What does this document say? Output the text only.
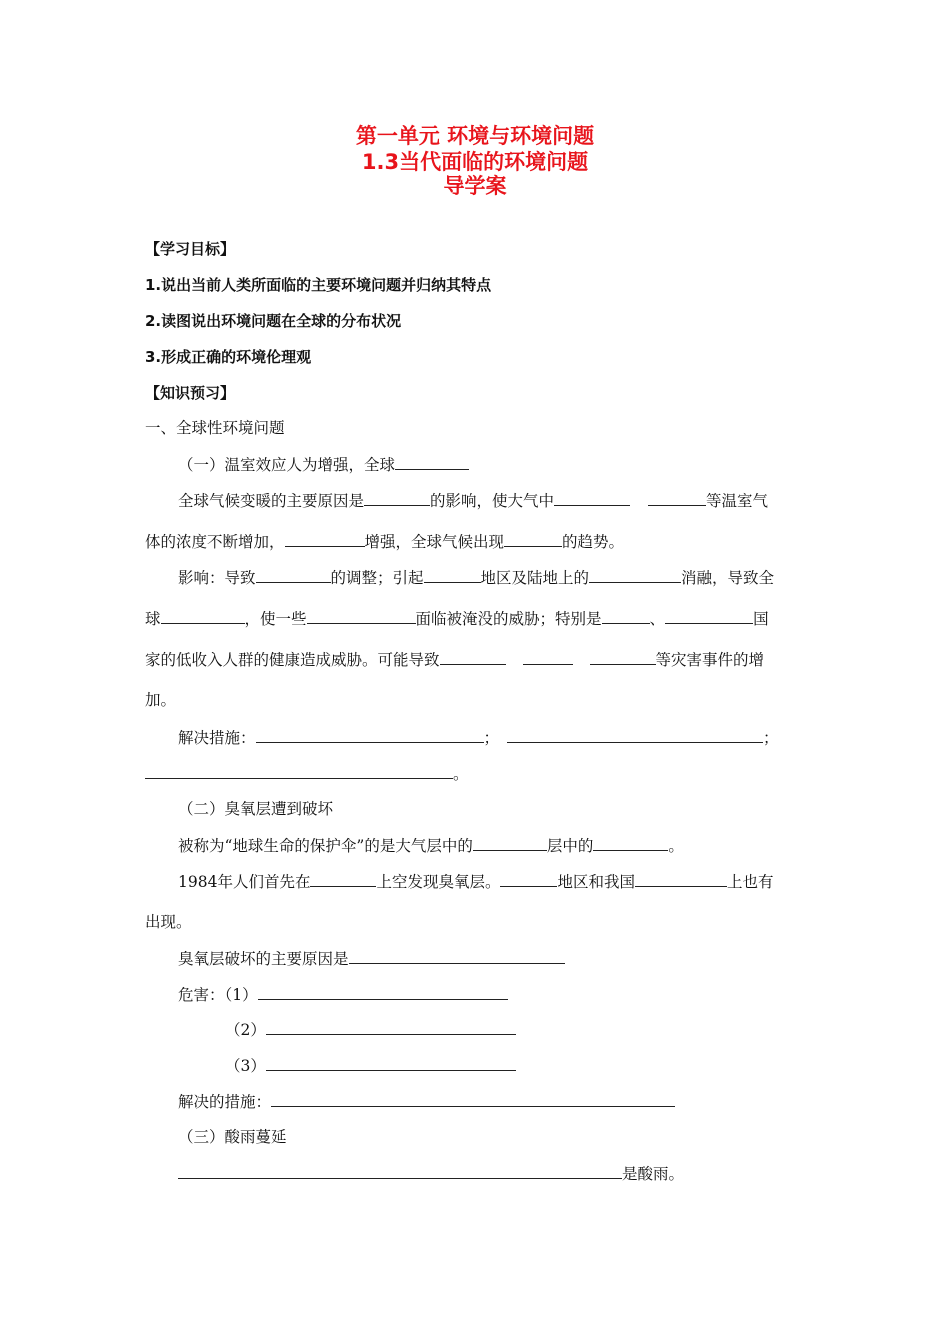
第一单元 环境与环境问题
1.3当代面临的环境问题
导学案
【学习目标】
1.说出当前人类所面临的主要环境问题并归纳其特点
2.读图说出环境问题在全球的分布状况
3.形成正确的环境伦理观
【知识预习】
一、全球性环境问题
（一）温室效应人为增强，全球
全球气候变暖的主要原因是	的影响，使大气中	等温室气
体的浓度不断增加，	增强，全球气候出现	的趋势。
影响：导致	的调整；引起	地区及陆地上的	消融，导致全
球	，使一些	面临被淹没的威胁；特别是	、	国
家的低收入人群的健康造成威胁。可能导致	等灾害事件的增
加。
解决措施：	；	；
。
（二）臭氧层遭到破坏
被称为“地球生命的保护伞”的是大气层中的	层中的	。
1984年人们首先在	上空发现臭氧层。	地区和我国	上也有
出现。
臭氧层破坏的主要原因是
危害：（1）
（2）
（3）
解决的措施：
（三）酸雨蔓延
是酸雨。
